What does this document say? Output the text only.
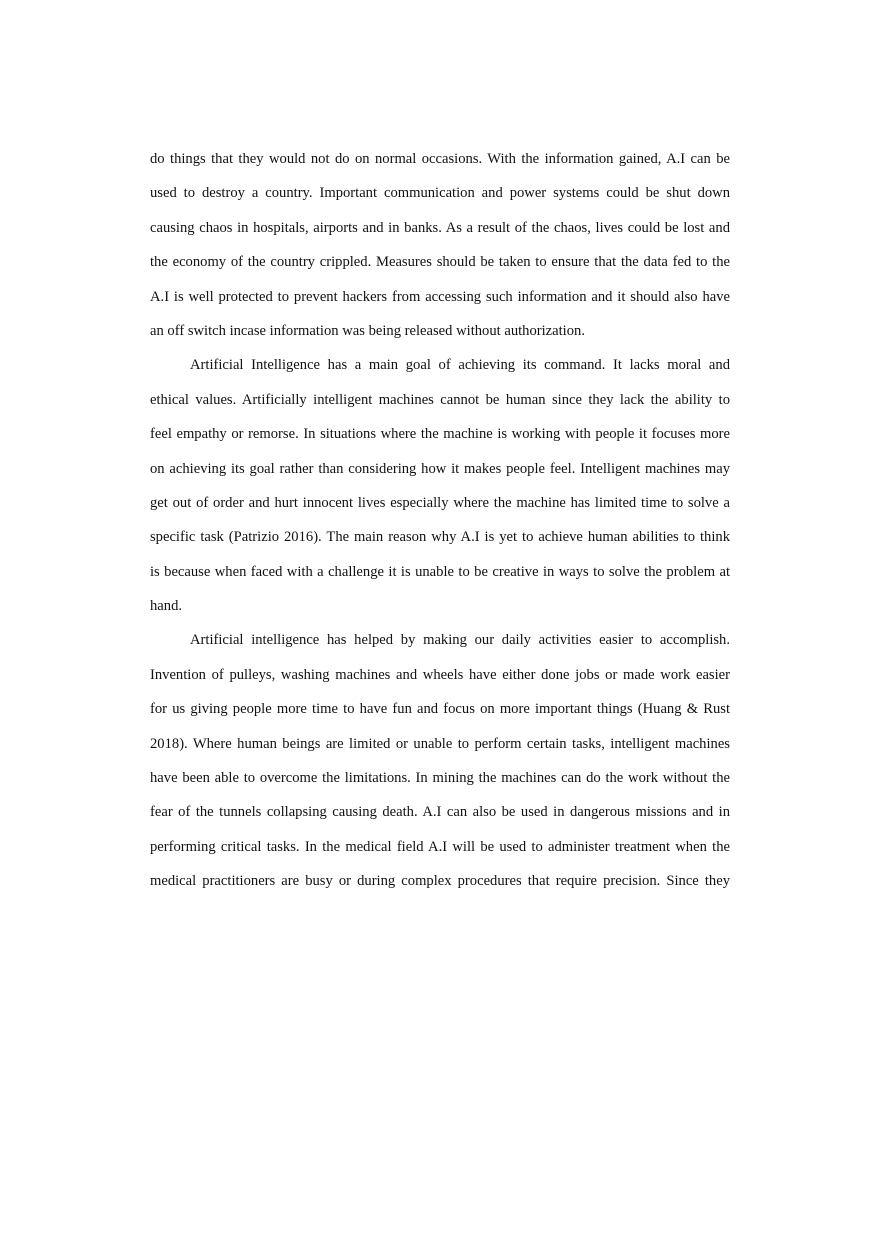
do things that they would not do on normal occasions. With the information gained, A.I can be
used to destroy a country. Important communication and power systems could be shut down
causing chaos in hospitals, airports and in banks. As a result of the chaos, lives could be lost and
the economy of the country crippled. Measures should be taken to ensure that the data fed to the
A.I is well protected to prevent hackers from accessing such information and it should also have
an off switch incase information was being released without authorization.
Artificial Intelligence has a main goal of achieving its command. It lacks moral and
ethical values. Artificially intelligent machines cannot be human since they lack the ability to
feel empathy or remorse. In situations where the machine is working with people it focuses more
on achieving its goal rather than considering how it makes people feel. Intelligent machines may
get out of order and hurt innocent lives especially where the machine has limited time to solve a
specific task (Patrizio 2016). The main reason why A.I is yet to achieve human abilities to think
is because when faced with a challenge it is unable to be creative in ways to solve the problem at
hand.
Artificial intelligence has helped by making our daily activities easier to accomplish.
Invention of pulleys, washing machines and wheels have either done jobs or made work easier
for us giving people more time to have fun and focus on more important things (Huang & Rust
2018). Where human beings are limited or unable to perform certain tasks, intelligent machines
have been able to overcome the limitations. In mining the machines can do the work without the
fear of the tunnels collapsing causing death. A.I can also be used in dangerous missions and in
performing critical tasks. In the medical field A.I will be used to administer treatment when the
medical practitioners are busy or during complex procedures that require precision. Since they
